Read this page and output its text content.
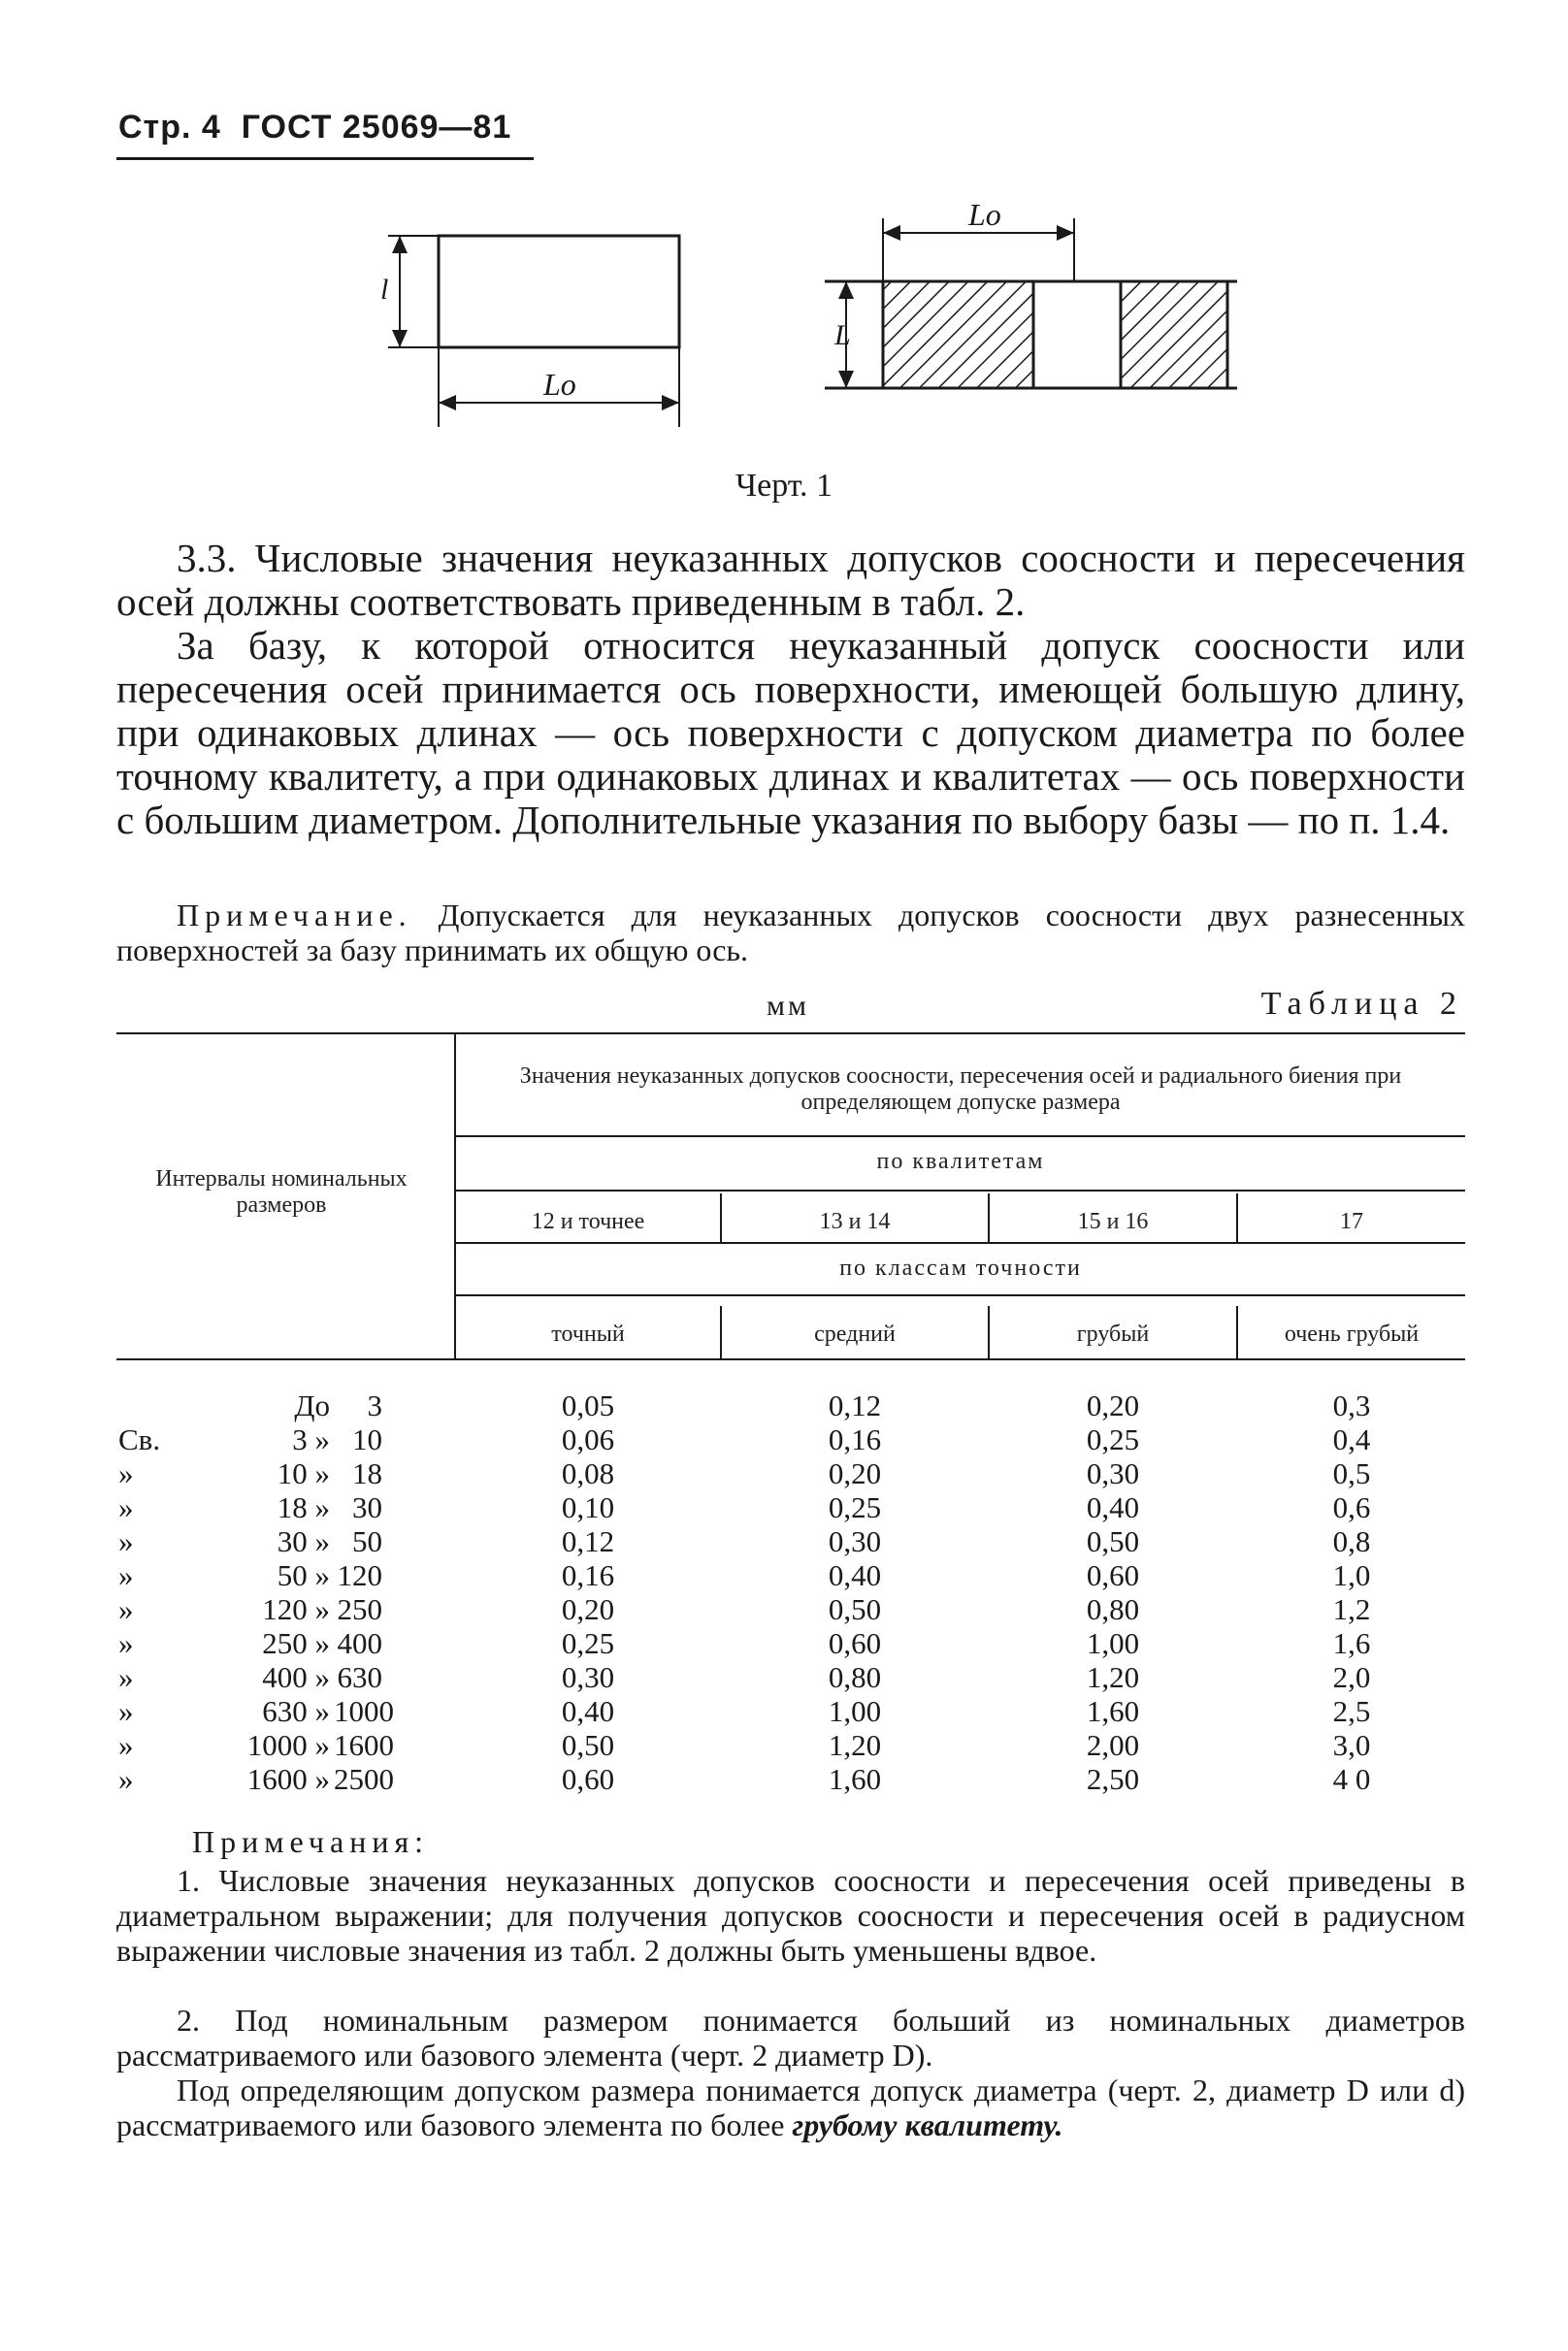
Стр. 4 ГОСТ 25069—81
Lo
l
Lo
L
Черт. 1

3.3. Числовые значения неуказанных допусков соосности и пересечения осей должны соответствовать приведенным в табл. 2.

За базу, к которой относится неуказанный допуск соосности или пересечения осей принимается ось поверхности, имеющей большую длину, при одинаковых длинах — ось поверхности с допуском диаметра по более точному квалитету, а при одинаковых длинах и квалитетах — ось поверхности с большим диаметром. Дополнительные указания по выбору базы — по п. 1.4.

Примечание. Допускается для неуказанных допусков соосности двух разнесенных поверхностей за базу принимать их общую ось.

мм	Таблица 2
Интервалы номинальных размеров
Значения неуказанных допусков соосности, пересечения осей и радиального биения при определяющем допуске размера
по квалитетам
по классам точности
12 и точнее	13 и 14	15 и 16	17
точный	средний	грубый	очень грубый
До	3	0,05	0,12	0,20	0,3
Св.	3 » 10	0,06	0,16	0,25	0,4
»	10 » 18	0,08	0,20	0,30	0,5
»	18 » 30	0,10	0,25	0,40	0,6
»	30 » 50	0,12	0,30	0,50	0,8
»	50 » 120	0,16	0,40	0,60	1,0
»	120 » 250	0,20	0,50	0,80	1,2
»	250 » 400	0,25	0,60	1,00	1,6
»	400 » 630	0,30	0,80	1,20	2,0
»	630 » 1000	0,40	1,00	1,60	2,5
»	1000 » 1600	0,50	1,20	2,00	3,0
»	1600 » 2500	0,60	1,60	2,50	4 0
Примечания:

1. Числовые значения неуказанных допусков соосности и пересечения осей приведены в диаметральном выражении; для получения допусков соосности и пересечения осей в радиусном выражении числовые значения из табл. 2 должны быть уменьшены вдвое.

2. Под номинальным размером понимается больший из номинальных диаметров рассматриваемого или базового элемента (черт. 2 диаметр D).

Под определяющим допуском размера понимается допуск диаметра (черт. 2, диаметр D или d) рассматриваемого или базового элемента по более грубому квалитету.
